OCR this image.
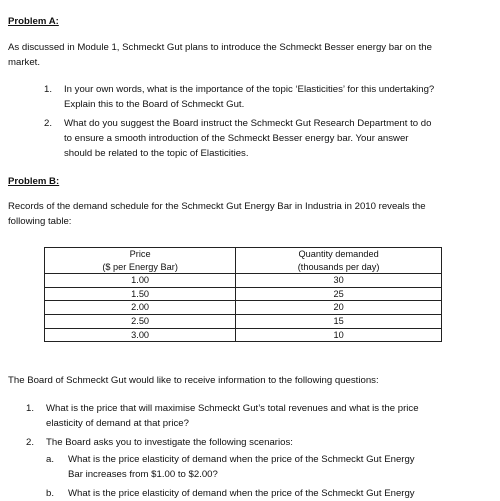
Problem A:
As discussed in Module 1, Schmeckt Gut plans to introduce the Schmeckt Besser energy bar on the
market.
1. In your own words, what is the importance of the topic ‘Elasticities’ for this undertaking?
Explain this to the Board of Schmeckt Gut.
2. What do you suggest the Board instruct the Schmeckt Gut Research Department to do
to ensure a smooth introduction of the Schmeckt Besser energy bar. Your answer
should be related to the topic of Elasticities.
Problem B:
Records of the demand schedule for the Schmeckt Gut Energy Bar in Industria in 2010 reveals the
following table:
Price	Quantity demanded
($ per Energy Bar)	(thousands per day)
1.00	30
1.50	25
2.00	20
2.50	15
3.00	10
The Board of Schmeckt Gut would like to receive information to the following questions:
1. What is the price that will maximise Schmeckt Gut’s total revenues and what is the price
elasticity of demand at that price?
2. The Board asks you to investigate the following scenarios:
a. What is the price elasticity of demand when the price of the Schmeckt Gut Energy
Bar increases from $1.00 to $2.00?
b. What is the price elasticity of demand when the price of the Schmeckt Gut Energy
